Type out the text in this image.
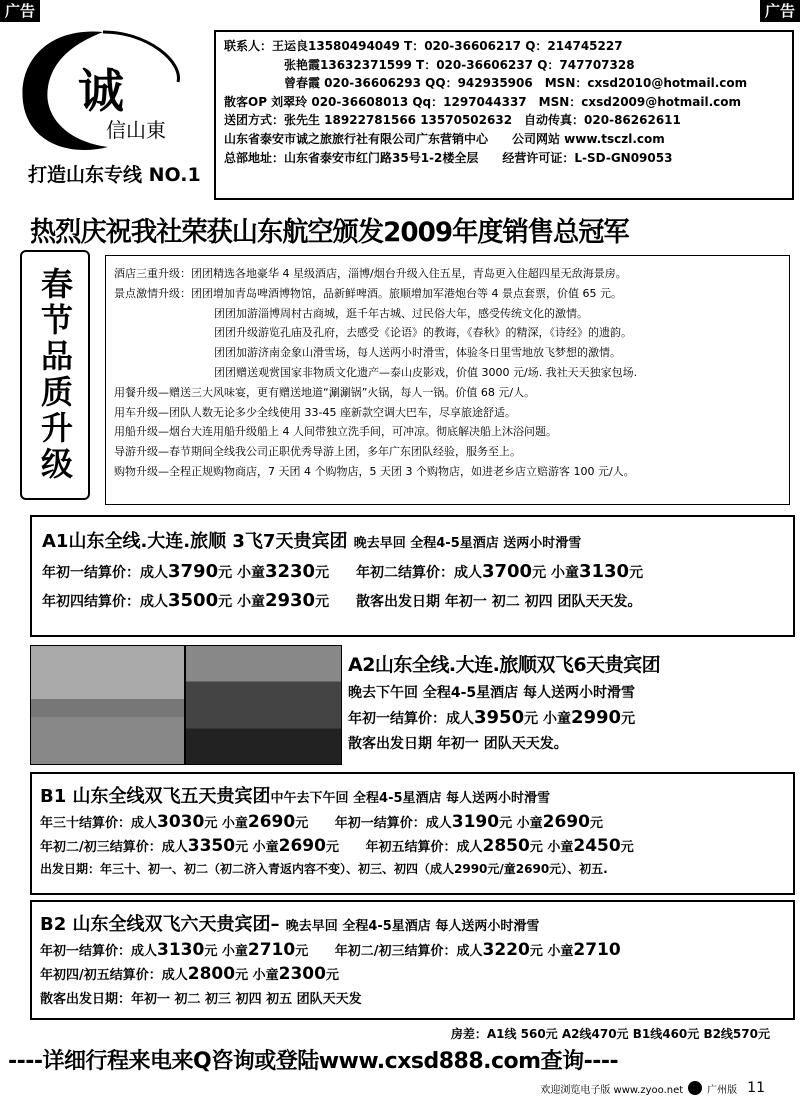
广告	广告
诚
信山東
打造山东专线 NO.1
联系人：王运良13580494049 T：020-36606217 Q：214745227
张艳霞13632371599 T：020-36606237 Q：747707328
曾春霞 020-36606293 QQ：942935906　MSN：cxsd2010@hotmail.com
散客OP 刘翠玲 020-36608013 Qq：1297044337　MSN：cxsd2009@hotmail.com
送团方式：张先生 18922781566 13570502632　自动传真：020-86262611
山东省泰安市诚之旅旅行社有限公司广东营销中心　　公司网站 www.tsczl.com
总部地址：山东省泰安市红门路35号1-2楼全层　　经营许可证：L-SD-GN09053
热烈庆祝我社荣获山东航空颁发2009年度销售总冠军
春节品质升级	酒店三重升级：团团精选各地豪华 4 星级酒店，淄博/烟台升级入住五星，青岛更入住超四星无敌海景房。
景点激情升级：团团增加青岛啤酒博物馆，品新鲜啤酒。旅顺增加军港炮台等 4 景点套票，价值 65 元。
团团加游淄博周村古商城，逛千年古城、过民俗大年，感受传统文化的激情。
团团升级游览孔庙及孔府，去感受《论语》的教诲，《春秋》的精深，《诗经》的遗韵。
团团加游济南金象山滑雪场，每人送两小时滑雪，体验冬日里雪地放飞梦想的激情。
团团赠送观赏国家非物质文化遗产—泰山皮影戏，价值 3000 元/场. 我社天天独家包场.
用餐升级—赠送三大风味宴，更有赠送地道“涮涮锅”火锅，每人一锅。价值 68 元/人。
用车升级—团队人数无论多少全线使用 33-45 座新款空调大巴车，尽享旅途舒适。
用船升级—烟台大连用船升级船上 4 人间带独立洗手间，可冲凉。彻底解决船上沐浴问题。
导游升级—春节期间全线我公司正职优秀导游上团，多年广东团队经验，服务至上。
购物升级—全程正规购物商店，7 天团 4 个购物店，5 天团 3 个购物店，如进老乡店立赔游客 100 元/人。
A1山东全线.大连.旅顺 3飞7天贵宾团 晚去早回 全程4-5星酒店 送两小时滑雪
年初一结算价：成人3790元 小童3230元 年初二结算价：成人3700元 小童3130元
年初四结算价：成人3500元 小童2930元 散客出发日期 年初一 初二 初四 团队天天发。
A2山东全线.大连.旅顺双飞6天贵宾团
晚去下午回 全程4-5星酒店 每人送两小时滑雪
年初一结算价：成人3950元 小童2990元
散客出发日期 年初一 团队天天发。
B1 山东全线双飞五天贵宾团中午去下午回 全程4-5星酒店 每人送两小时滑雪
年三十结算价：成人3030元 小童2690元 年初一结算价：成人3190元 小童2690元
年初二/初三结算价：成人3350元 小童2690元 年初五结算价：成人2850元 小童2450元
出发日期：年三十、初一、初二（初二济入青返内容不变）、初三、初四（成人2990元/童2690元）、初五.
B2 山东全线双飞六天贵宾团– 晚去早回 全程4-5星酒店 每人送两小时滑雪
年初一结算价：成人3130元 小童2710元 年初二/初三结算价：成人3220元 小童2710
年初四/初五结算价：成人2800元 小童2300元
散客出发日期：年初一 初二 初三 初四 初五 团队天天发
房差：A1线 560元 A2线470元 B1线460元 B2线570元
----详细行程来电来Q咨询或登陆www.cxsd888.com查询----
欢迎浏览电子版 www.zyoo.net 广州版 11
